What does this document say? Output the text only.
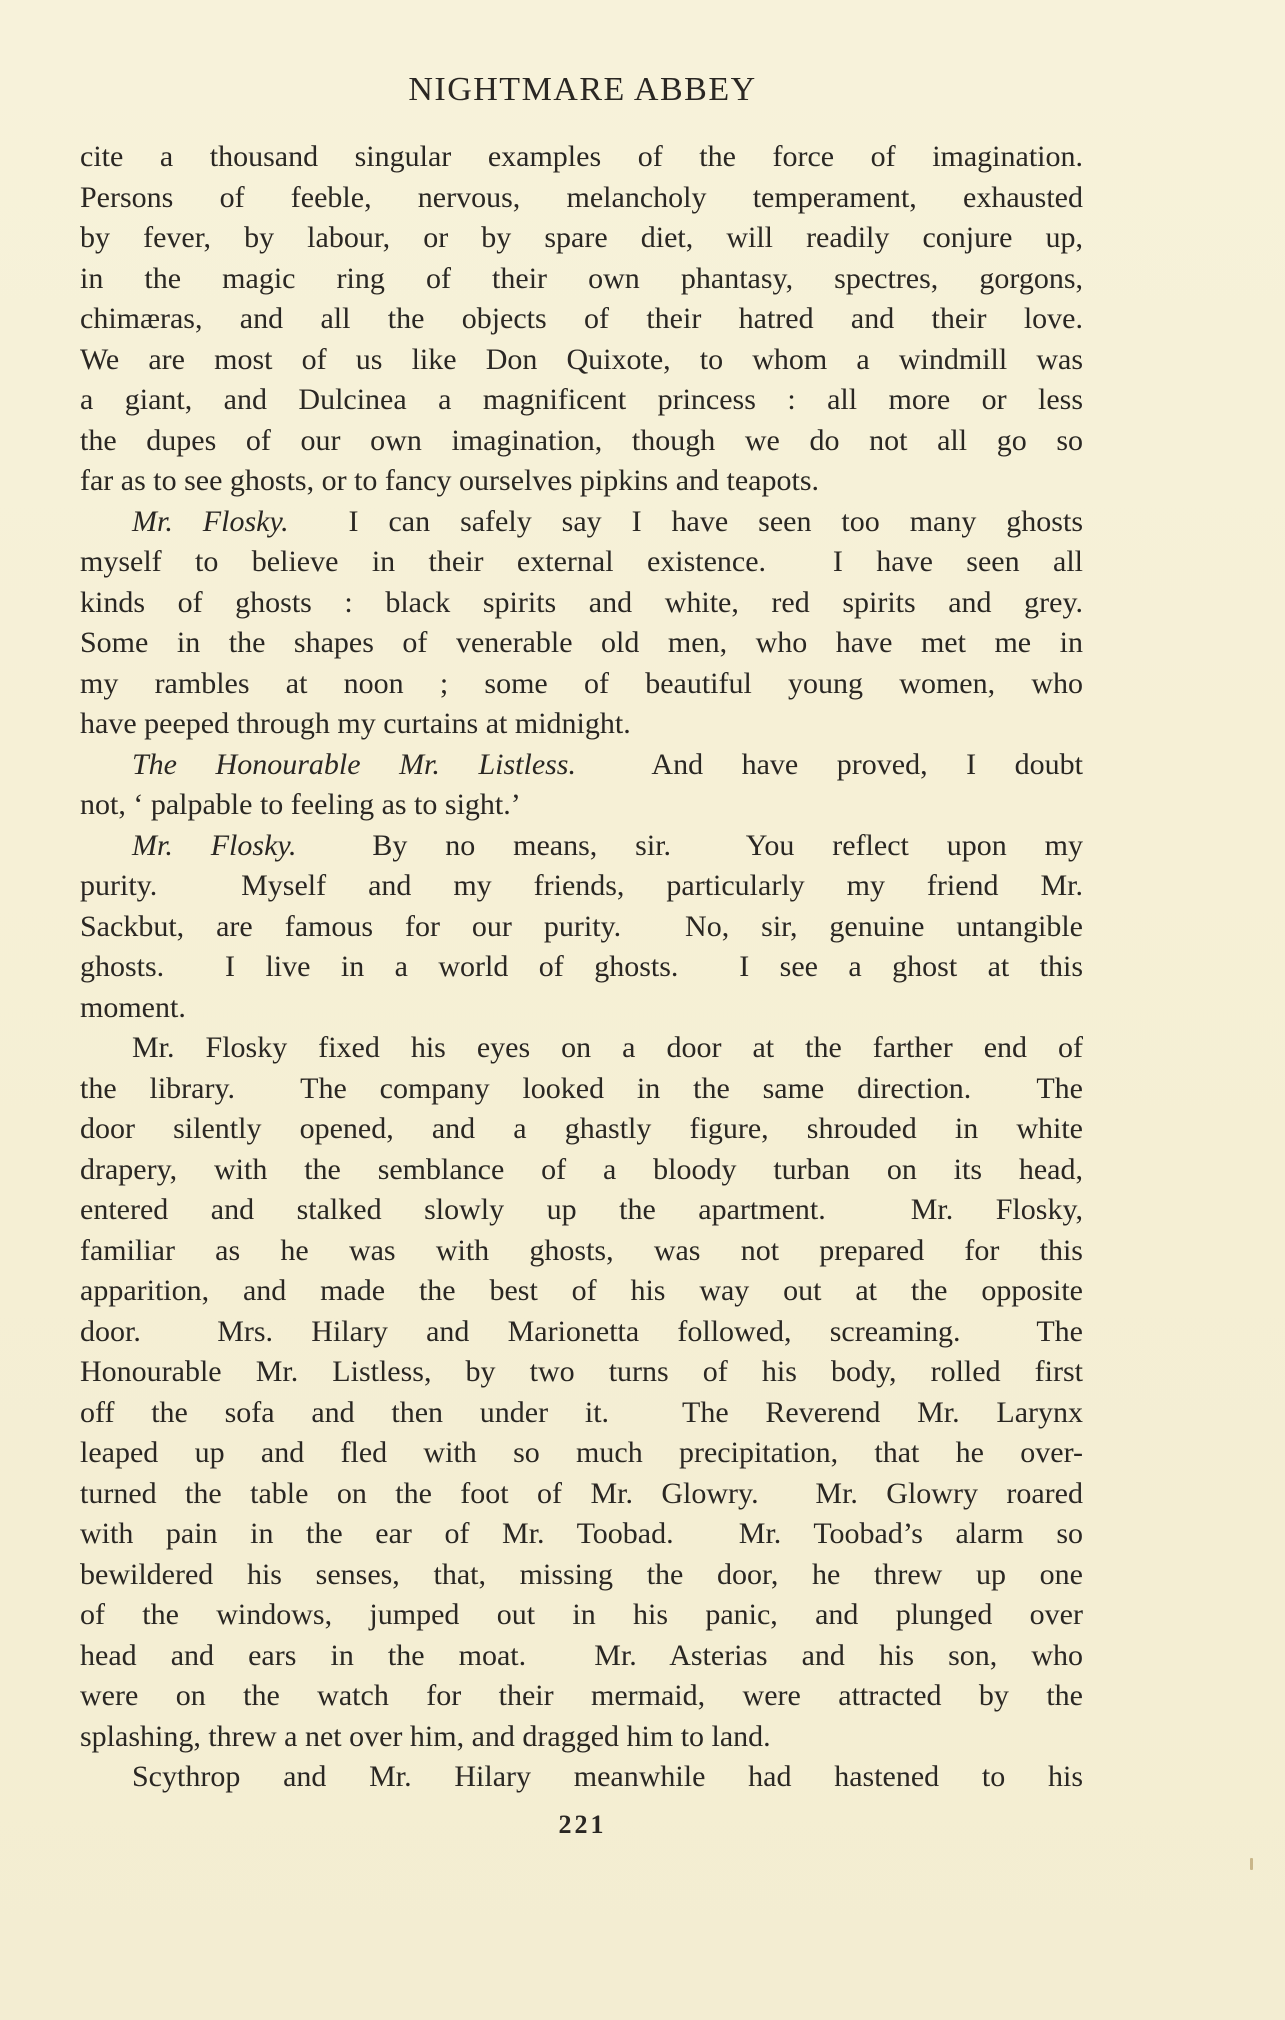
NIGHTMARE ABBEY
cite a thousand singular examples of the force of imagination.
Persons of feeble, nervous, melancholy temperament, exhausted
by fever, by labour, or by spare diet, will readily conjure up,
in the magic ring of their own phantasy, spectres, gorgons,
chimæras, and all the objects of their hatred and their love.
We are most of us like Don Quixote, to whom a windmill was
a giant, and Dulcinea a magnificent princess : all more or less
the dupes of our own imagination, though we do not all go so
far as to see ghosts, or to fancy ourselves pipkins and teapots.
Mr. Flosky.  I can safely say I have seen too many ghosts
myself to believe in their external existence.  I have seen all
kinds of ghosts : black spirits and white, red spirits and grey.
Some in the shapes of venerable old men, who have met me in
my rambles at noon ; some of beautiful young women, who
have peeped through my curtains at midnight.
The Honourable Mr. Listless.  And have proved, I doubt
not, ‘ palpable to feeling as to sight.’
Mr. Flosky.  By no means, sir.  You reflect upon my
purity.  Myself and my friends, particularly my friend Mr.
Sackbut, are famous for our purity.  No, sir, genuine untangible
ghosts.  I live in a world of ghosts.  I see a ghost at this
moment.
Mr. Flosky fixed his eyes on a door at the farther end of
the library.  The company looked in the same direction.  The
door silently opened, and a ghastly figure, shrouded in white
drapery, with the semblance of a bloody turban on its head,
entered and stalked slowly up the apartment.  Mr. Flosky,
familiar as he was with ghosts, was not prepared for this
apparition, and made the best of his way out at the opposite
door.  Mrs. Hilary and Marionetta followed, screaming.  The
Honourable Mr. Listless, by two turns of his body, rolled first
off the sofa and then under it.  The Reverend Mr. Larynx
leaped up and fled with so much precipitation, that he over-
turned the table on the foot of Mr. Glowry.  Mr. Glowry roared
with pain in the ear of Mr. Toobad.  Mr. Toobad’s alarm so
bewildered his senses, that, missing the door, he threw up one
of the windows, jumped out in his panic, and plunged over
head and ears in the moat.  Mr. Asterias and his son, who
were on the watch for their mermaid, were attracted by the
splashing, threw a net over him, and dragged him to land.
Scythrop and Mr. Hilary meanwhile had hastened to his
221
